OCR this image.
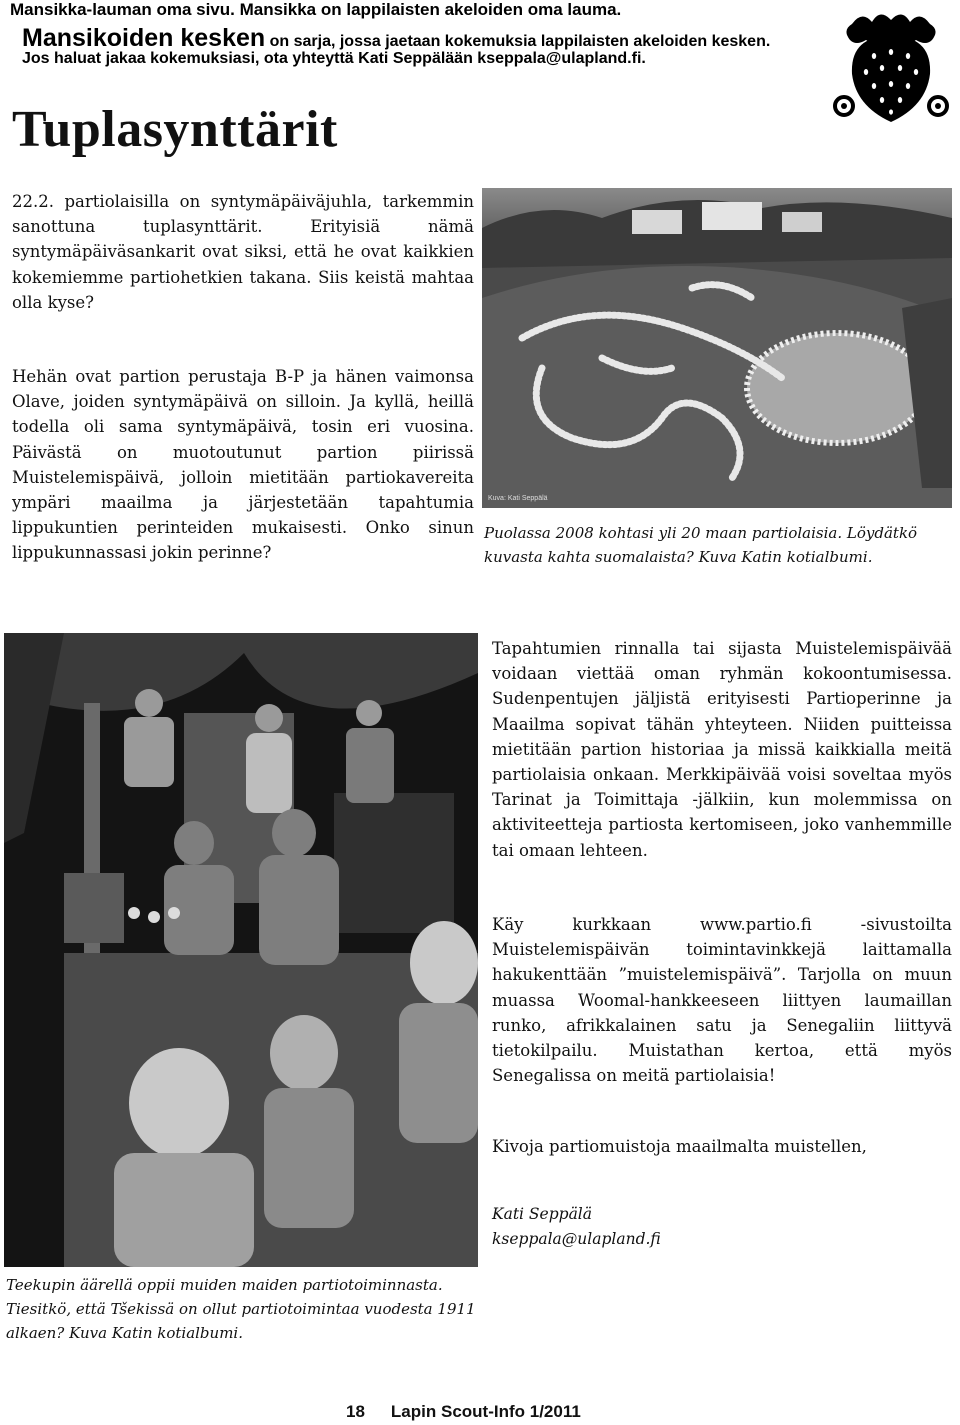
Mansikka-lauman oma sivu. Mansikka on lappilaisten akeloiden oma lauma.
Mansikoiden kesken on sarja, jossa jaetaan kokemuksia lappilaisten akeloiden kesken.
Jos haluat jakaa kokemuksiasi, ota yhteyttä Kati Seppälään kseppala@ulapland.fi.
Tuplasynttärit
22.2. partiolaisilla on syntymäpäiväjuhla, tarkemmin sanottuna tuplasynttärit. Erityisiä nämä syntymäpäiväsankarit ovat siksi, että he ovat kaikkien kokemiemme partiohetkien takana. Siis keistä mahtaa olla kyse?
Hehän ovat partion perustaja B-P ja hänen vaimonsa Olave, joiden syntymäpäivä on silloin. Ja kyllä, heillä todella oli sama syntymäpäivä, tosin eri vuosina. Päivästä on muotoutunut partion piirissä Muistelemispäivä, jolloin mietitään partiokavereita ympäri maailma ja järjestetään tapahtumia lippukuntien perinteiden mukaisesti. Onko sinun lippukunnassasi jokin perinne?
Kuva: Kati Seppälä
Puolassa 2008 kohtasi yli 20 maan partiolaisia. Löydätkö kuvasta kahta suomalaista? Kuva Katin kotialbumi.
Teekupin äärellä oppii muiden maiden partiotoiminnasta. Tiesitkö, että Tšekissä on ollut partiotoimintaa vuodesta 1911 alkaen? Kuva Katin kotialbumi.
Tapahtumien rinnalla tai sijasta Muistelemispäivää voidaan viettää oman ryhmän kokoontumisessa. Sudenpentujen jäljistä erityisesti Partioperinne ja Maailma sopivat tähän yhteyteen. Niiden puitteissa mietitään partion historiaa ja missä kaikkialla meitä partiolaisia onkaan. Merkkipäivää voisi soveltaa myös Tarinat ja Toimittaja -jälkiin, kun molemmissa on aktiviteetteja partiosta kertomiseen, joko vanhemmille tai omaan lehteen.
Käy kurkkaan www.partio.fi -sivustoilta Muistelemispäivän toimintavinkkejä laittamalla hakukenttään ”muistelemispäivä”. Tarjolla on muun muassa Woomal-hankkeeseen liittyen laumaillan runko, afrikkalainen satu ja Senegaliin liittyvä tietokilpailu. Muistathan kertoa, että myös Senegalissa on meitä partiolaisia!
Kivoja partiomuistoja maailmalta muistellen,
Kati Seppälä
kseppala@ulapland.fi
18 Lapin Scout-Info 1/2011
